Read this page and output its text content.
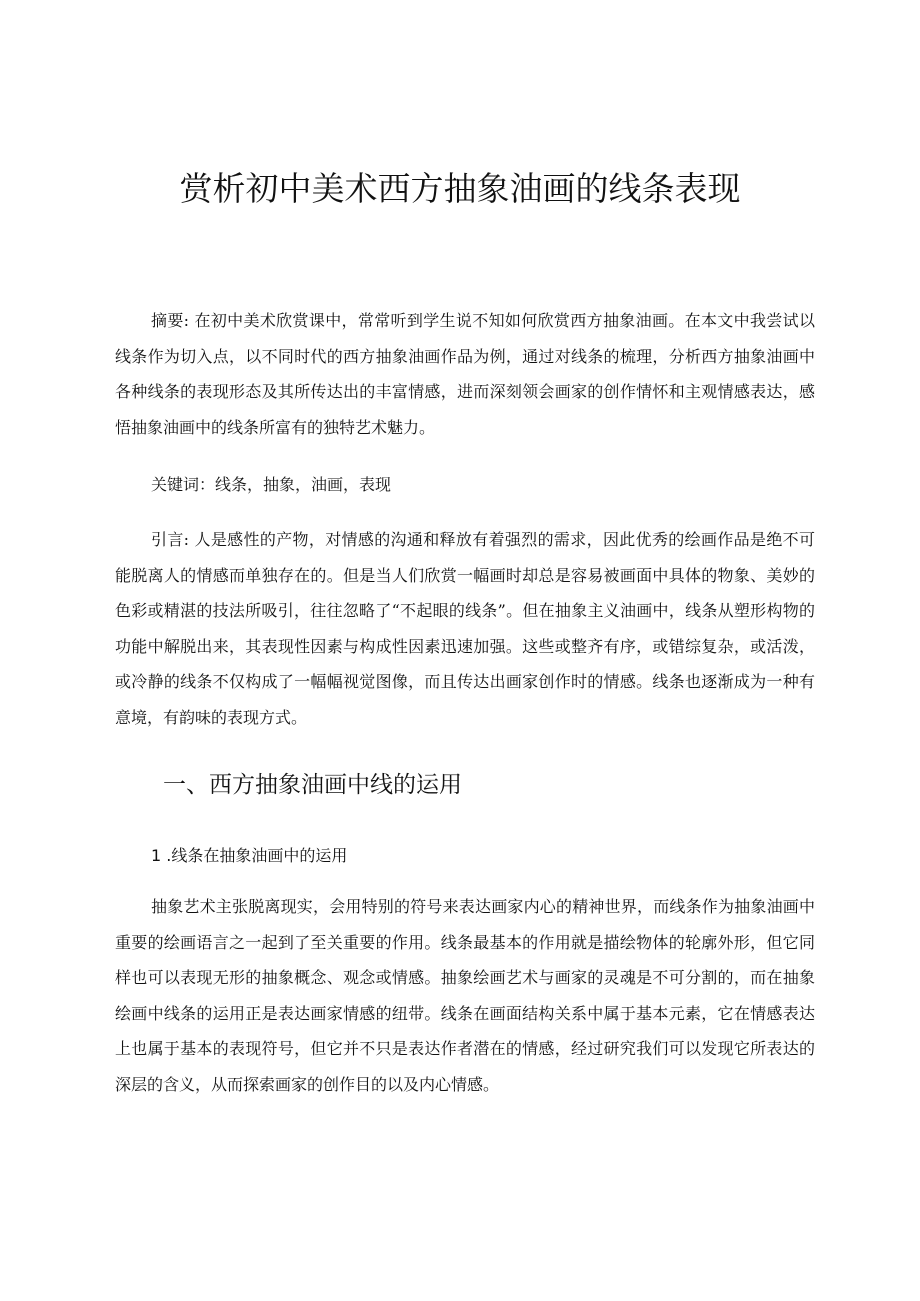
赏析初中美术西方抽象油画的线条表现

摘要: 在初中美术欣赏课中，常常听到学生说不知如何欣赏西方抽象油画。在本文中我尝试以线条作为切入点，以不同时代的西方抽象油画作品为例，通过对线条的梳理，分析西方抽象油画中各种线条的表现形态及其所传达出的丰富情感，进而深刻领会画家的创作情怀和主观情感表达，感悟抽象油画中的线条所富有的独特艺术魅力。

关键词：线条，抽象，油画，表现

引言: 人是感性的产物，对情感的沟通和释放有着强烈的需求，因此优秀的绘画作品是绝不可能脱离人的情感而单独存在的。但是当人们欣赏一幅画时却总是容易被画面中具体的物象、美妙的色彩或精湛的技法所吸引，往往忽略了“不起眼的线条”。但在抽象主义油画中，线条从塑形构物的功能中解脱出来，其表现性因素与构成性因素迅速加强。这些或整齐有序，或错综复杂，或活泼，或冷静的线条不仅构成了一幅幅视觉图像，而且传达出画家创作时的情感。线条也逐渐成为一种有意境，有韵味的表现方式。

一、西方抽象油画中线的运用
1 .线条在抽象油画中的运用

抽象艺术主张脱离现实，会用特别的符号来表达画家内心的精神世界，而线条作为抽象油画中重要的绘画语言之一起到了至关重要的作用。线条最基本的作用就是描绘物体的轮廓外形，但它同样也可以表现无形的抽象概念、观念或情感。抽象绘画艺术与画家的灵魂是不可分割的，而在抽象绘画中线条的运用正是表达画家情感的纽带。线条在画面结构关系中属于基本元素，它在情感表达上也属于基本的表现符号，但它并不只是表达作者潜在的情感，经过研究我们可以发现它所表达的深层的含义，从而探索画家的创作目的以及内心情感。
